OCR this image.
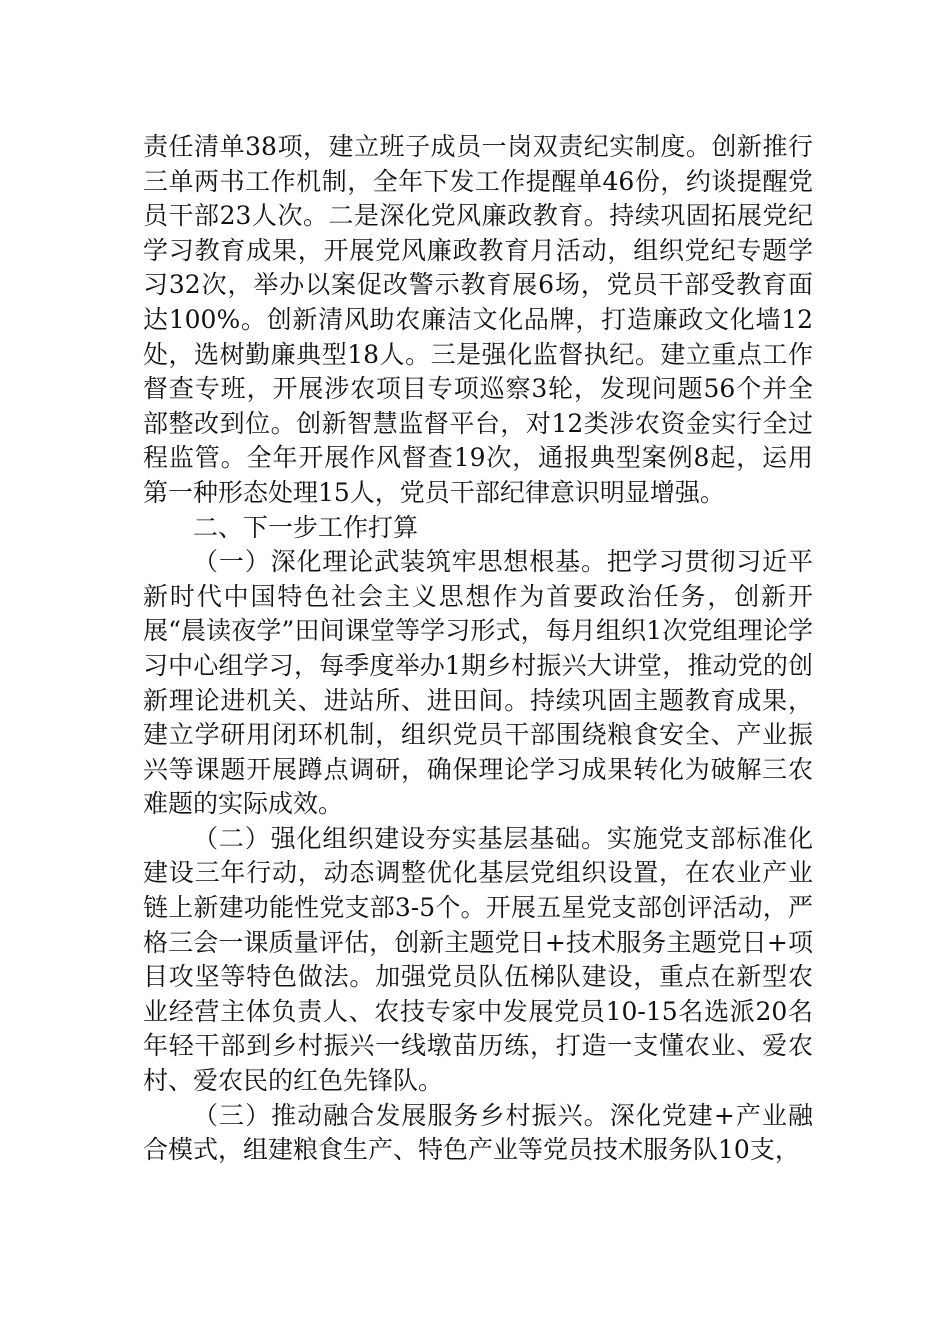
责任清单38项，建立班子成员一岗双责纪实制度。创新推行三单两书工作机制，全年下发工作提醒单46份，约谈提醒党员干部23人次。二是深化党风廉政教育。持续巩固拓展党纪学习教育成果，开展党风廉政教育月活动，组织党纪专题学习32次，举办以案促改警示教育展6场，党员干部受教育面达100%。创新清风助农廉洁文化品牌，打造廉政文化墙12处，选树勤廉典型18人。三是强化监督执纪。建立重点工作督查专班，开展涉农项目专项巡察3轮，发现问题56个并全部整改到位。创新智慧监督平台，对12类涉农资金实行全过程监管。全年开展作风督查19次，通报典型案例8起，运用第一种形态处理15人，党员干部纪律意识明显增强。

二、下一步工作打算

（一）深化理论武装筑牢思想根基。把学习贯彻习近平新时代中国特色社会主义思想作为首要政治任务，创新开展“晨读夜学”田间课堂等学习形式，每月组织1次党组理论学习中心组学习，每季度举办1期乡村振兴大讲堂，推动党的创新理论进机关、进站所、进田间。持续巩固主题教育成果，建立学研用闭环机制，组织党员干部围绕粮食安全、产业振兴等课题开展蹲点调研，确保理论学习成果转化为破解三农难题的实际成效。

（二）强化组织建设夯实基层基础。实施党支部标准化建设三年行动，动态调整优化基层党组织设置，在农业产业链上新建功能性党支部3-5个。开展五星党支部创评活动，严格三会一课质量评估，创新主题党日+技术服务主题党日+项目攻坚等特色做法。加强党员队伍梯队建设，重点在新型农业经营主体负责人、农技专家中发展党员10-15名选派20名年轻干部到乡村振兴一线墩苗历练，打造一支懂农业、爱农村、爱农民的红色先锋队。

（三）推动融合发展服务乡村振兴。深化党建+产业融合模式，组建粮食生产、特色产业等党员技术服务队10支，
